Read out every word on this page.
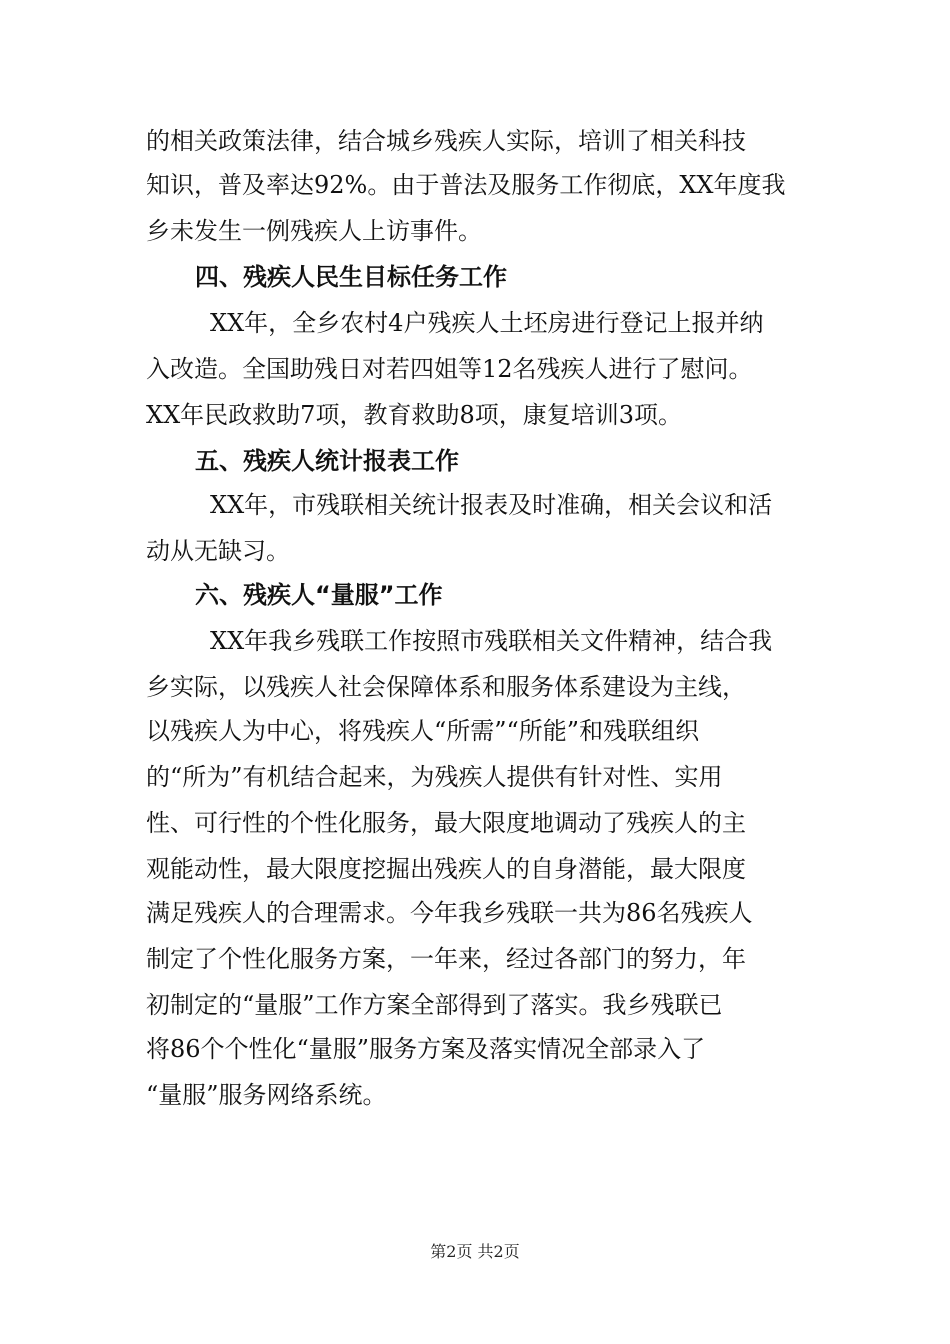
的相关政策法律，结合城乡残疾人实际，培训了相关科技
知识，普及率达92%。由于普法及服务工作彻底，XX年度我
乡未发生一例残疾人上访事件。
四、残疾人民生目标任务工作
XX年，全乡农村4户残疾人土坯房进行登记上报并纳
入改造。全国助残日对若四姐等12名残疾人进行了慰问。
XX年民政救助7项，教育救助8项，康复培训3项。
五、残疾人统计报表工作
XX年，市残联相关统计报表及时准确，相关会议和活
动从无缺习。
六、残疾人“量服”工作
XX年我乡残联工作按照市残联相关文件精神，结合我
乡实际，以残疾人社会保障体系和服务体系建设为主线，
以残疾人为中心，将残疾人“所需”“所能”和残联组织
的“所为”有机结合起来，为残疾人提供有针对性、实用
性、可行性的个性化服务，最大限度地调动了残疾人的主
观能动性，最大限度挖掘出残疾人的自身潜能，最大限度
满足残疾人的合理需求。今年我乡残联一共为86名残疾人
制定了个性化服务方案，一年来，经过各部门的努力，年
初制定的“量服”工作方案全部得到了落实。我乡残联已
将86个个性化“量服”服务方案及落实情况全部录入了
“量服”服务网络系统。
第2页 共2页
